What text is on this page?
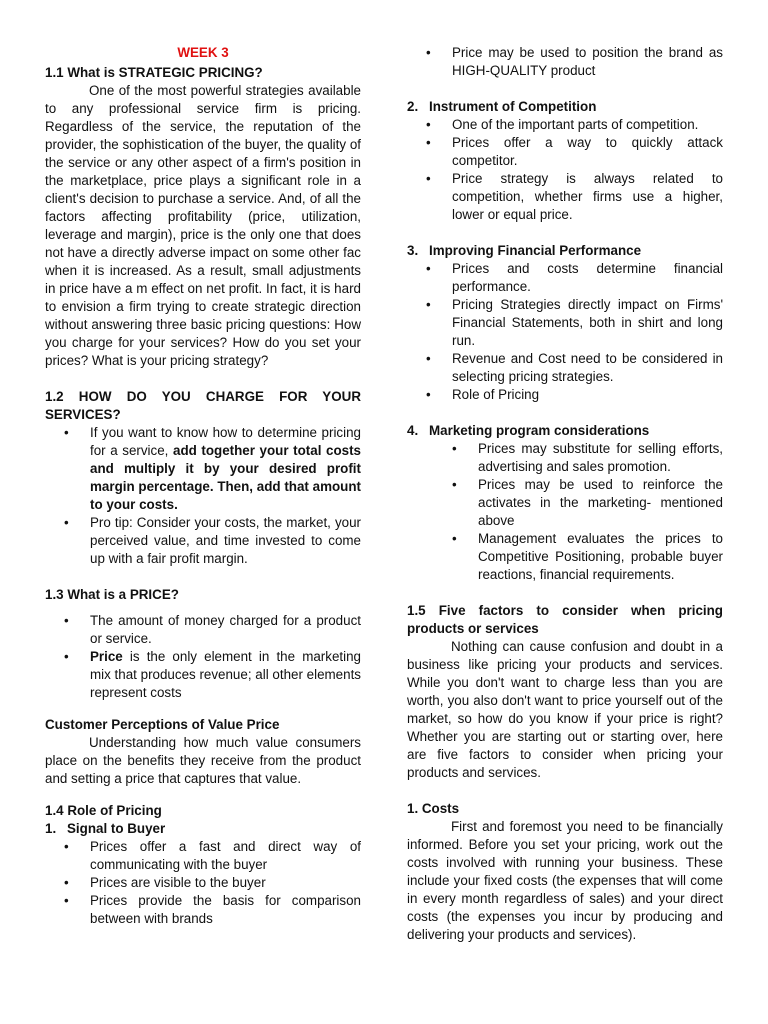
WEEK 3
1.1 What is STRATEGIC PRICING?

One of the most powerful strategies available to any professional service firm is pricing. Regardless of the service, the reputation of the provider, the sophistication of the buyer, the quality of the service or any other aspect of a firm's position in the marketplace, price plays a significant role in a client's decision to purchase a service. And, of all the factors affecting profitability (price, utilization, leverage and margin), price is the only one that does not have a directly adverse impact on some other fac when it is increased. As a result, small adjustments in price have a m effect on net profit. In fact, it is hard to envision a firm trying to create strategic direction without answering three basic pricing questions: How you charge for your services? How do you set your prices? What is your pricing strategy?

1.2 HOW DO YOU CHARGE FOR YOUR SERVICES?
• If you want to know how to determine pricing for a service, add together your total costs and multiply it by your desired profit margin percentage. Then, add that amount to your costs.
• Pro tip: Consider your costs, the market, your perceived value, and time invested to come up with a fair profit margin.
1.3 What is a PRICE?
• The amount of money charged for a product or service.
• Price is the only element in the marketing mix that produces revenue; all other elements represent costs
Customer Perceptions of Value Price

Understanding how much value consumers place on the benefits they receive from the product and setting a price that captures that value.

1.4 Role of Pricing
1. Signal to Buyer
• Prices offer a fast and direct way of communicating with the buyer
• Prices are visible to the buyer
• Prices provide the basis for comparison between with brands
• Price may be used to position the brand as HIGH-QUALITY product
2. Instrument of Competition
• One of the important parts of competition.
• Prices offer a way to quickly attack competitor.
• Price strategy is always related to competition, whether firms use a higher, lower or equal price.
3. Improving Financial Performance
• Prices and costs determine financial performance.
• Pricing Strategies directly impact on Firms' Financial Statements, both in shirt and long run.
• Revenue and Cost need to be considered in selecting pricing strategies.
• Role of Pricing
4. Marketing program considerations
• Prices may substitute for selling efforts, advertising and sales promotion.
• Prices may be used to reinforce the activates in the marketing- mentioned above
• Management evaluates the prices to Competitive Positioning, probable buyer reactions, financial requirements.
1.5 Five factors to consider when pricing products or services

Nothing can cause confusion and doubt in a business like pricing your products and services. While you don't want to charge less than you are worth, you also don't want to price yourself out of the market, so how do you know if your price is right? Whether you are starting out or starting over, here are five factors to consider when pricing your products and services.

1. Costs

First and foremost you need to be financially informed. Before you set your pricing, work out the costs involved with running your business. These include your fixed costs (the expenses that will come in every month regardless of sales) and your direct costs (the expenses you incur by producing and delivering your products and services).
